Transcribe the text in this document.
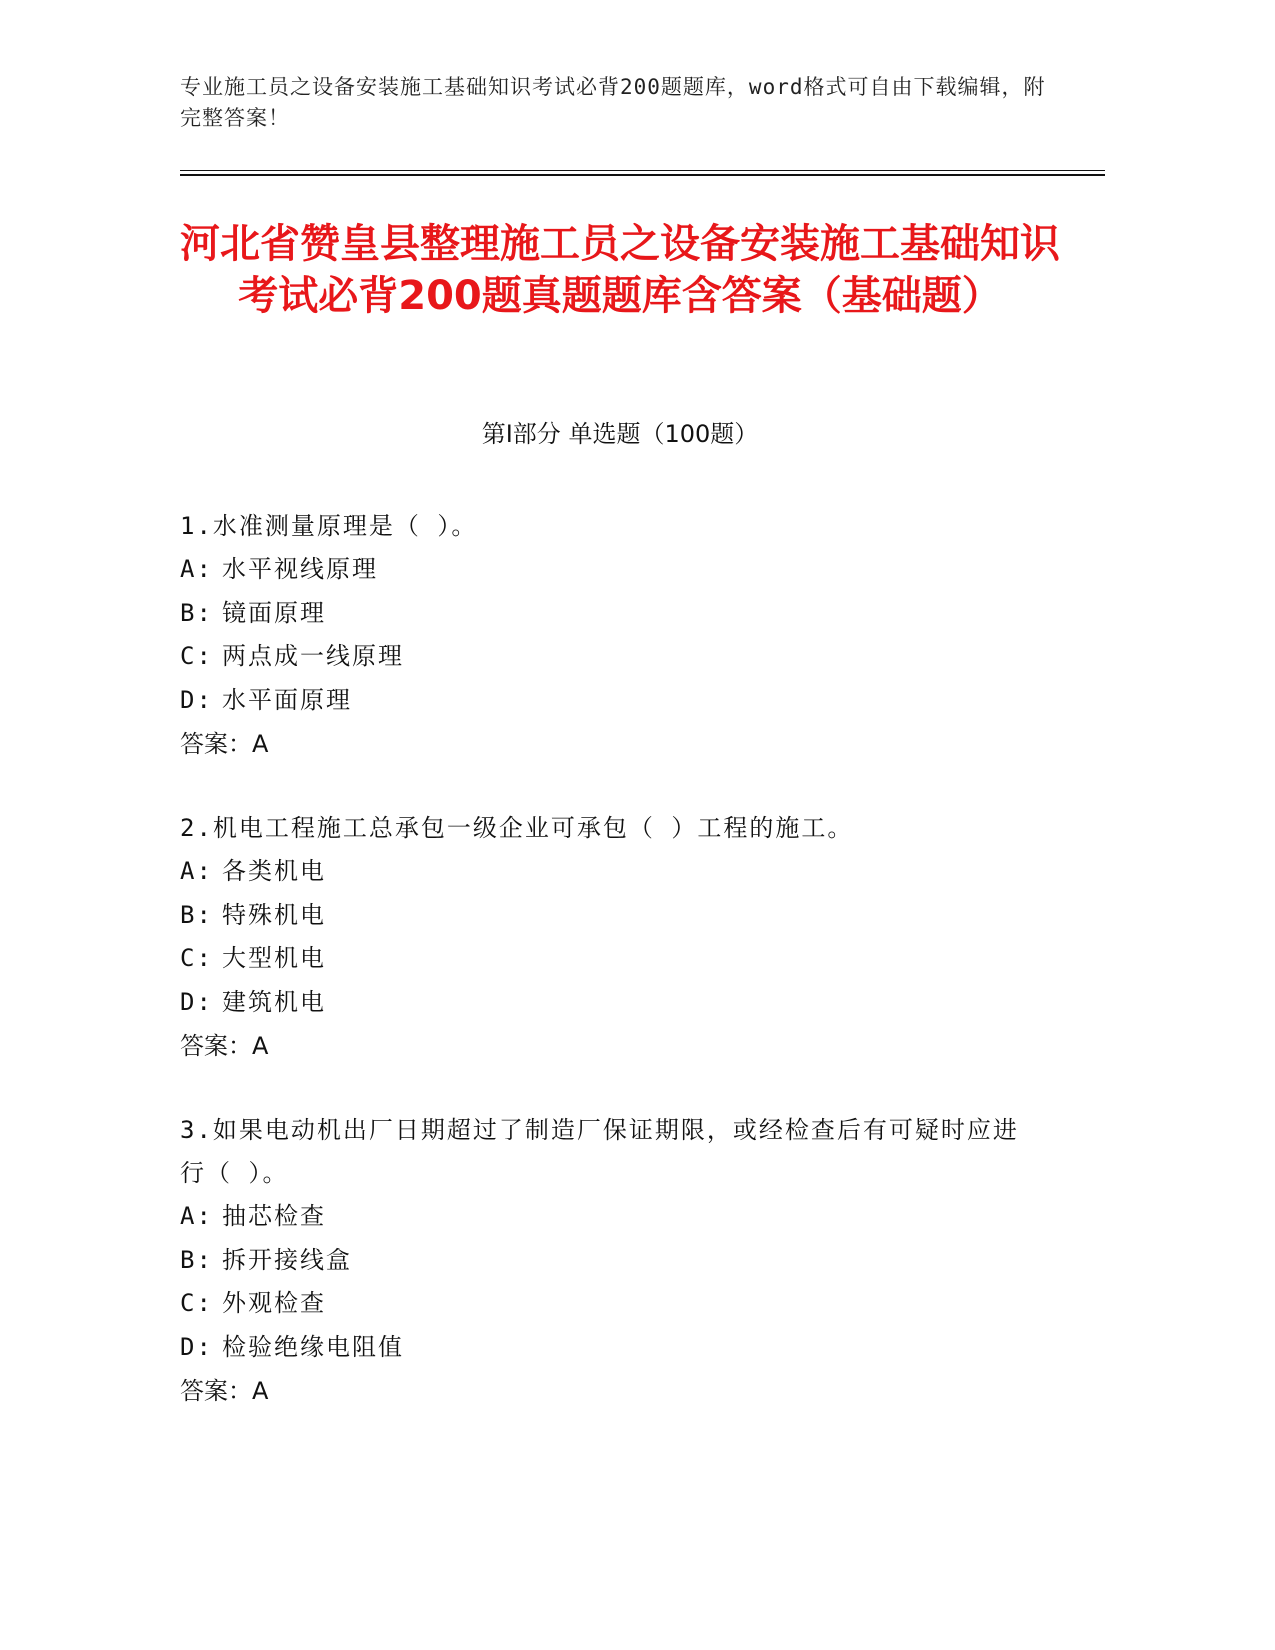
专业施工员之设备安装施工基础知识考试必背200题题库，word格式可自由下载编辑，附完整答案！
河北省赞皇县整理施工员之设备安装施工基础知识考试必背200题真题题库含答案（基础题）
第Ⅰ部分 单选题（100题）
1.水准测量原理是（ ）。
A: 水平视线原理
B: 镜面原理
C: 两点成一线原理
D: 水平面原理
答案：A
2.机电工程施工总承包一级企业可承包（ ）工程的施工。
A: 各类机电
B: 特殊机电
C: 大型机电
D: 建筑机电
答案：A
3.如果电动机出厂日期超过了制造厂保证期限，或经检查后有可疑时应进行（ ）。
A: 抽芯检查
B: 拆开接线盒
C: 外观检查
D: 检验绝缘电阻值
答案：A
